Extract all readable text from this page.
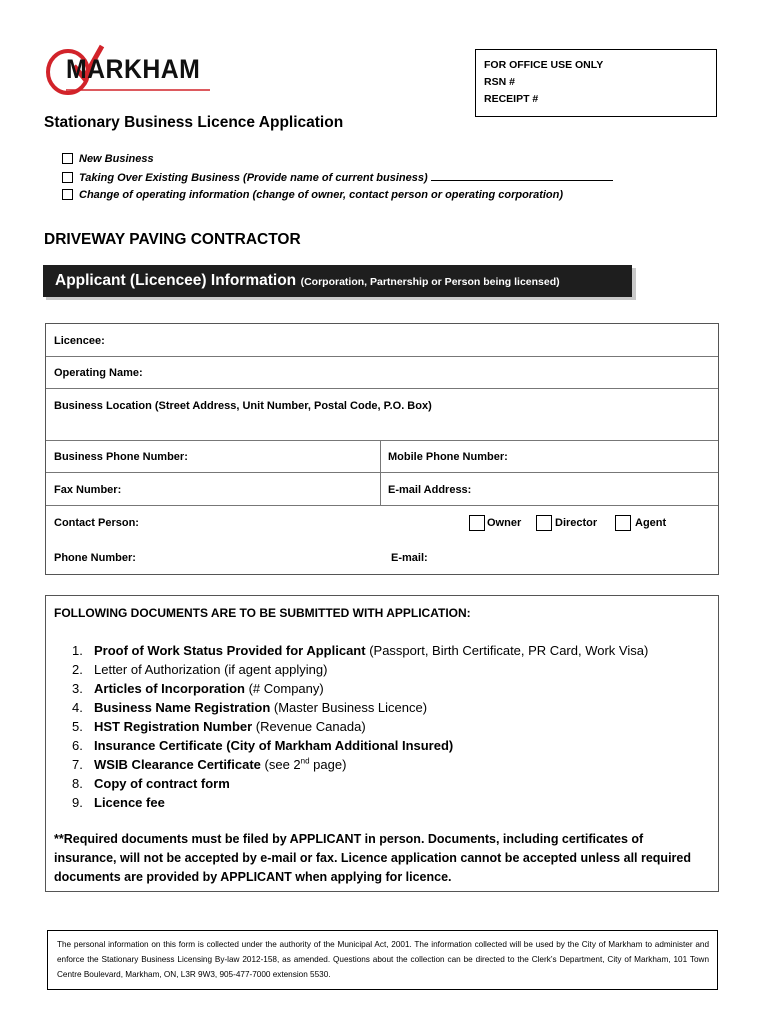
MARKHAM	FOR OFFICE USE ONLY
RSN #
RECEIPT #
Stationary Business Licence Application
New Business
Taking Over Existing Business (Provide name of current business)
Change of operating information (change of owner, contact person or operating corporation)
DRIVEWAY PAVING CONTRACTOR
Applicant (Licencee) Information (Corporation, Partnership or Person being licensed)
Licencee:
Operating Name:
Business Location (Street Address, Unit Number, Postal Code, P.O. Box)
Business Phone Number:	Mobile Phone Number:
Fax Number:	E-mail Address:
Contact Person:	Owner	Director	Agent
Phone Number:	E-mail:
FOLLOWING DOCUMENTS ARE TO BE SUBMITTED WITH APPLICATION:
1. Proof of Work Status Provided for Applicant (Passport, Birth Certificate, PR Card, Work Visa)
2. Letter of Authorization (if agent applying)
3. Articles of Incorporation (# Company)
4. Business Name Registration (Master Business Licence)
5. HST Registration Number (Revenue Canada)
6. Insurance Certificate (City of Markham Additional Insured)
7. WSIB Clearance Certificate (see 2nd page)
8. Copy of contract form
9. Licence fee
**Required documents must be filed by APPLICANT in person. Documents, including certificates of insurance, will not be accepted by e-mail or fax. Licence application cannot be accepted unless all required documents are provided by APPLICANT when applying for licence.
The personal information on this form is collected under the authority of the Municipal Act, 2001. The information collected will be used by the City of Markham to administer and enforce the Stationary Business Licensing By-law 2012-158, as amended. Questions about the collection can be directed to the Clerk’s Department, City of Markham, 101 Town Centre Boulevard, Markham, ON, L3R 9W3, 905-477-7000 extension 5530.
